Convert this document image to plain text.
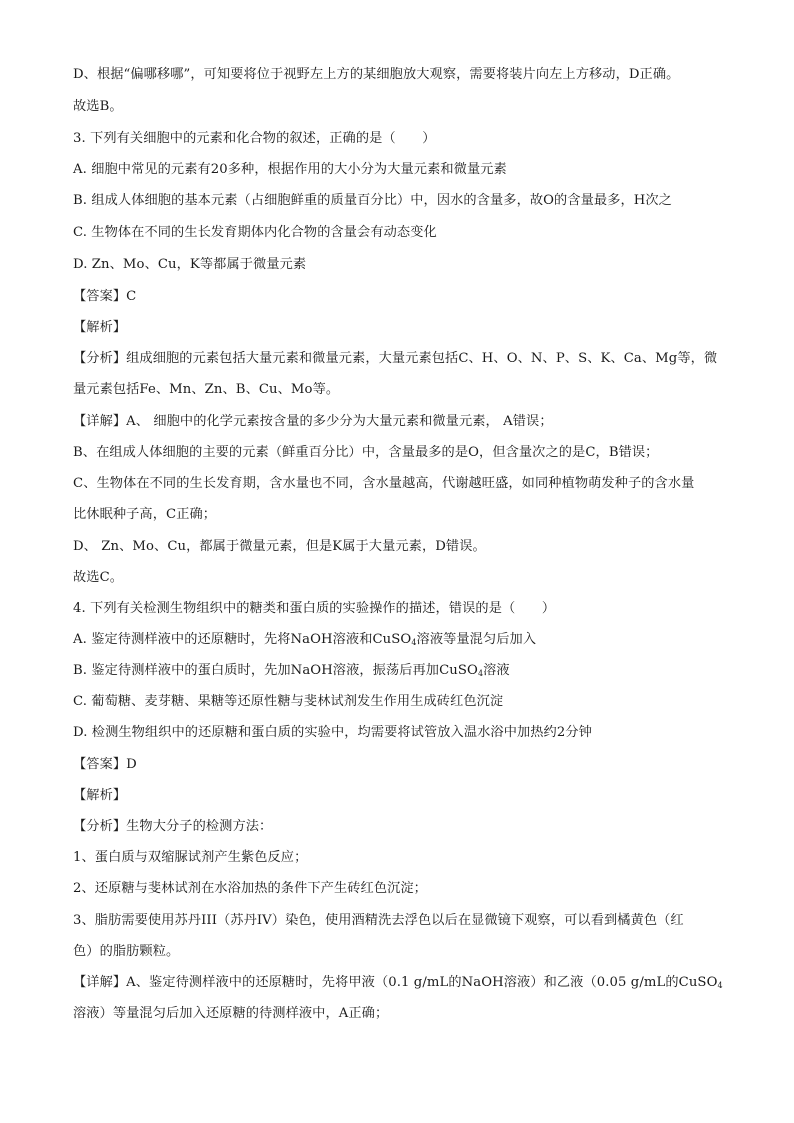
D、根据“偏哪移哪”，可知要将位于视野左上方的某细胞放大观察，需要将装片向左上方移动，D正确。
故选B。
3. 下列有关细胞中的元素和化合物的叙述，正确的是（　　）
A. 细胞中常见的元素有20多种，根据作用的大小分为大量元素和微量元素
B. 组成人体细胞的基本元素（占细胞鲜重的质量百分比）中，因水的含量多，故O的含量最多，H次之
C. 生物体在不同的生长发育期体内化合物的含量会有动态变化
D. Zn、Mo、Cu，K等都属于微量元素
【答案】C
【解析】
【分析】组成细胞的元素包括大量元素和微量元素，大量元素包括C、H、O、N、P、S、K、Ca、Mg等，微
量元素包括Fe、Mn、Zn、B、Cu、Mo等。
【详解】A、 细胞中的化学元素按含量的多少分为大量元素和微量元素， A错误；
B、在组成人体细胞的主要的元素（鲜重百分比）中，含量最多的是O，但含量次之的是C，B错误；
C、生物体在不同的生长发育期，含水量也不同，含水量越高，代谢越旺盛，如同种植物萌发种子的含水量
比休眠种子高，C正确；
D、 Zn、Mo、Cu，都属于微量元素，但是K属于大量元素，D错误。
故选C。
4. 下列有关检测生物组织中的糖类和蛋白质的实验操作的描述，错误的是（　　）
A. 鉴定待测样液中的还原糖时，先将NaOH溶液和CuSO$_4$溶液等量混匀后加入
B. 鉴定待测样液中的蛋白质时，先加NaOH溶液，振荡后再加CuSO$_4$溶液
C. 葡萄糖、麦芽糖、果糖等还原性糖与斐林试剂发生作用生成砖红色沉淀
D. 检测生物组织中的还原糖和蛋白质的实验中，均需要将试管放入温水浴中加热约2分钟
【答案】D
【解析】
【分析】生物大分子的检测方法：
1、蛋白质与双缩脲试剂产生紫色反应；
2、还原糖与斐林试剂在水浴加热的条件下产生砖红色沉淀；
3、脂肪需要使用苏丹III（苏丹IV）染色，使用酒精洗去浮色以后在显微镜下观察，可以看到橘黄色（红
色）的脂肪颗粒。
【详解】A、鉴定待测样液中的还原糖时，先将甲液（0.1 g/mL的NaOH溶液）和乙液（0.05 g/mL的CuSO$_4$
溶液）等量混匀后加入还原糖的待测样液中，A正确；
